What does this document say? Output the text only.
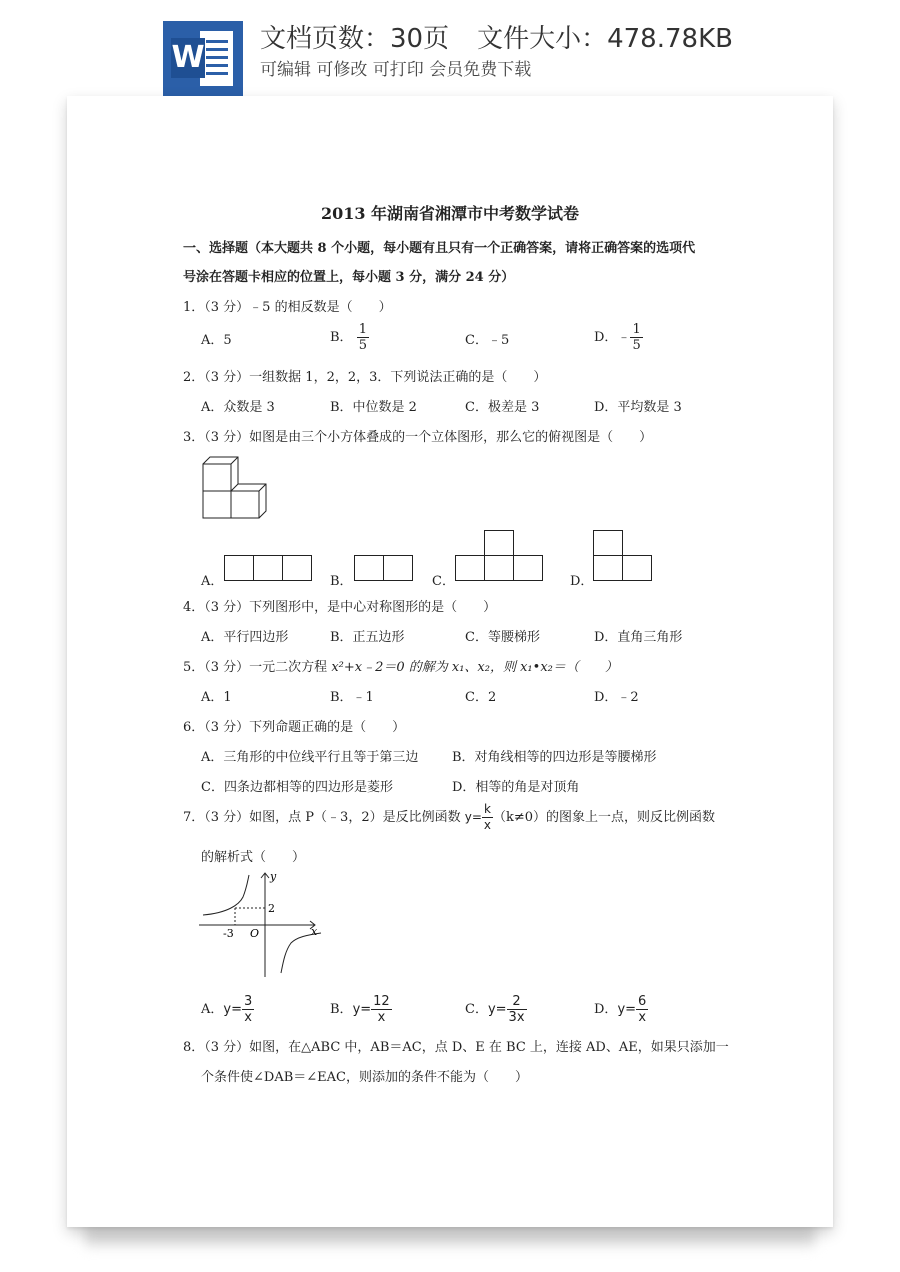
W
文档页数：30页 文件大小：478.78KB
可编辑 可修改 可打印 会员免费下载
2013 年湖南省湘潭市中考数学试卷
一、选择题（本大题共 8 个小题，每小题有且只有一个正确答案，请将正确答案的选项代
号涂在答题卡相应的位置上，每小题 3 分，满分 24 分）
1．（3 分）﹣5 的相反数是（　　）
A．5	B． $\frac{1}{5}$	C．﹣5	D．﹣ $\frac{1}{5}$
2．（3 分）一组数据 1，2，2，3．下列说法正确的是（　　）
A．众数是 3	B．中位数是 2	C．极差是 3	D．平均数是 3
3．（3 分）如图是由三个小方体叠成的一个立体图形，那么它的俯视图是（　　）
A．	B．	C．	D．
4．（3 分）下列图形中，是中心对称图形的是（　　）
A．平行四边形	B．正五边形	C．等腰梯形	D．直角三角形
5．（3 分）一元二次方程 x²+x﹣2＝0 的解为 x₁、x₂，则 x₁•x₂＝（　　）
A．1	B．﹣1	C．2	D．﹣2
6．（3 分）下列命题正确的是（　　）
A．三角形的中位线平行且等于第三边	B．对角线相等的四边形是等腰梯形
C．四条边都相等的四边形是菱形	D．相等的角是对顶角
7．（3 分）如图，点 P（﹣3，2）是反比例函数 $y= \frac{k}{x} (k\ne 0)$的图象上一点，则反比例函数
的解析式（　　）
y
x
2
-3 O
A．$y= \frac{3}{x}$	B．$y= \frac{12}{x}$	C．$y= \frac{2}{3x}$	D．$y= \frac{6}{x}$
8．（3 分）如图，在△ABC 中，AB＝AC，点 D、E 在 BC 上，连接 AD、AE，如果只添加一
个条件使∠DAB＝∠EAC，则添加的条件不能为（　　）
